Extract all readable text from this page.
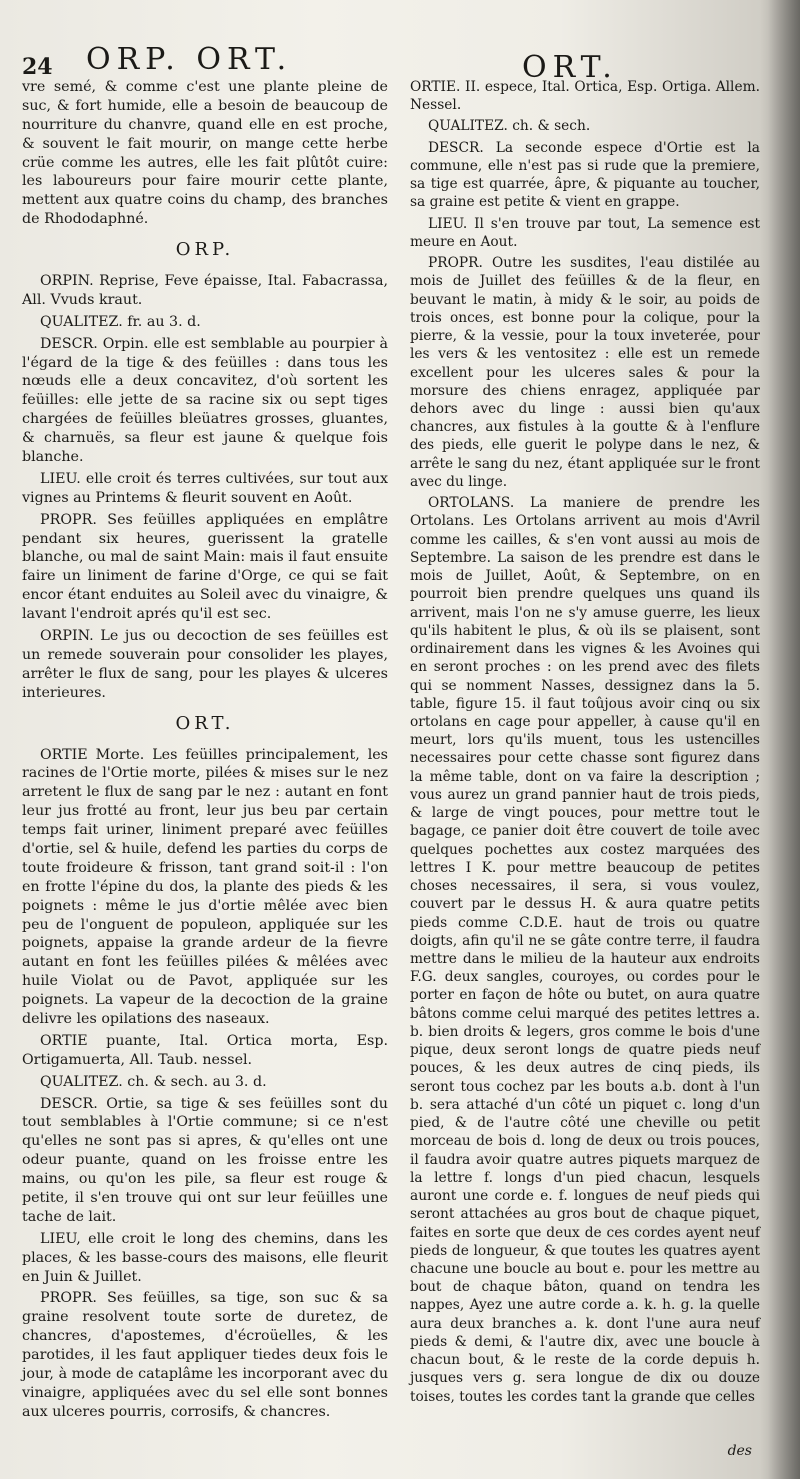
24 ORP. ORT.	ORT.

vre semé, & comme c'est une plante pleine de suc, & fort humide, elle a besoin de beaucoup de nourriture du chanvre, quand elle en est proche, & souvent le fait mourir, on mange cette herbe crüe comme les autres, elle les fait plûtôt cuire: les laboureurs pour faire mourir cette plante, mettent aux quatre coins du champ, des branches de Rhododaphné.

ORP.

ORPIN. Reprise, Feve épaisse, Ital. Fabacrassa, All. Vvuds kraut.

QUALITEZ. fr. au 3. d.

DESCR. Orpin. elle est semblable au pourpier à l'égard de la tige & des feüilles : dans tous les nœuds elle a deux concavitez, d'où sortent les feüilles: elle jette de sa racine six ou sept tiges chargées de feüilles bleüatres grosses, gluantes, & charnuës, sa fleur est jaune & quelque fois blanche.

LIEU. elle croit és terres cultivées, sur tout aux vignes au Printems & fleurit souvent en Août.

PROPR. Ses feüilles appliquées en emplâtre pendant six heures, guerissent la gratelle blanche, ou mal de saint Main: mais il faut ensuite faire un liniment de farine d'Orge, ce qui se fait encor étant enduites au Soleil avec du vinaigre, & lavant l'endroit aprés qu'il est sec.

ORPIN. Le jus ou decoction de ses feüilles est un remede souverain pour consolider les playes, arrêter le flux de sang, pour les playes & ulceres interieures.

ORT.

ORTIE Morte. Les feüilles principalement, les racines de l'Ortie morte, pilées & mises sur le nez arretent le flux de sang par le nez : autant en font leur jus frotté au front, leur jus beu par certain temps fait uriner, liniment preparé avec feüilles d'ortie, sel & huile, defend les parties du corps de toute froideure & frisson, tant grand soit-il : l'on en frotte l'épine du dos, la plante des pieds & les poignets : même le jus d'ortie mêlée avec bien peu de l'onguent de populeon, appliquée sur les poignets, appaise la grande ardeur de la fievre autant en font les feüilles pilées & mêlées avec huile Violat ou de Pavot, appliquée sur les poignets. La vapeur de la decoction de la graine delivre les opilations des naseaux.

ORTIE puante, Ital. Ortica morta, Esp. Ortigamuerta, All. Taub. nessel.

QUALITEZ. ch. & sech. au 3. d.

DESCR. Ortie, sa tige & ses feüilles sont du tout semblables à l'Ortie commune; si ce n'est qu'elles ne sont pas si apres, & qu'elles ont une odeur puante, quand on les froisse entre les mains, ou qu'on les pile, sa fleur est rouge & petite, il s'en trouve qui ont sur leur feüilles une tache de lait.

LIEU, elle croit le long des chemins, dans les places, & les basse-cours des maisons, elle fleurit en Juin & Juillet.

PROPR. Ses feüilles, sa tige, son suc & sa graine resolvent toute sorte de duretez, de chancres, d'apostemes, d'écroüelles, & les parotides, il les faut appliquer tiedes deux fois le jour, à mode de cataplâme les incorporant avec du vinaigre, appliquées avec du sel elle sont bonnes aux ulceres pourris, corrosifs, & chancres.

ORTIE. II. espece, Ital. Ortica, Esp. Ortiga. Allem. Nessel.

QUALITEZ. ch. & sech.

DESCR. La seconde espece d'Ortie est la commune, elle n'est pas si rude que la premiere, sa tige est quarrée, âpre, & piquante au toucher, sa graine est petite & vient en grappe.

LIEU. Il s'en trouve par tout, La semence est meure en Aout.

PROPR. Outre les susdites, l'eau distilée au mois de Juillet des feüilles & de la fleur, en beuvant le matin, à midy & le soir, au poids de trois onces, est bonne pour la colique, pour la pierre, & la vessie, pour la toux inveterée, pour les vers & les ventositez : elle est un remede excellent pour les ulceres sales & pour la morsure des chiens enragez, appliquée par dehors avec du linge : aussi bien qu'aux chancres, aux fistules à la goutte & à l'enflure des pieds, elle guerit le polype dans le nez, & arrête le sang du nez, étant appliquée sur le front avec du linge.

ORTOLANS. La maniere de prendre les Ortolans. Les Ortolans arrivent au mois d'Avril comme les cailles, & s'en vont aussi au mois de Septembre. La saison de les prendre est dans le mois de Juillet, Août, & Septembre, on en pourroit bien prendre quelques uns quand ils arrivent, mais l'on ne s'y amuse guerre, les lieux qu'ils habitent le plus, & où ils se plaisent, sont ordinairement dans les vignes & les Avoines qui en seront proches : on les prend avec des filets qui se nomment Nasses, dessignez dans la 5. table, figure 15. il faut toûjous avoir cinq ou six ortolans en cage pour appeller, à cause qu'il en meurt, lors qu'ils muent, tous les ustencilles necessaires pour cette chasse sont figurez dans la même table, dont on va faire la description ; vous aurez un grand pannier haut de trois pieds, & large de vingt pouces, pour mettre tout le bagage, ce panier doit être couvert de toile avec quelques pochettes aux costez marquées des lettres I K. pour mettre beaucoup de petites choses necessaires, il sera, si vous voulez, couvert par le dessus H. & aura quatre petits pieds comme C.D.E. haut de trois ou quatre doigts, afin qu'il ne se gâte contre terre, il faudra mettre dans le milieu de la hauteur aux endroits F.G. deux sangles, couroyes, ou cordes pour le porter en façon de hôte ou butet, on aura quatre bâtons comme celui marqué des petites lettres a. b. bien droits & legers, gros comme le bois d'une pique, deux seront longs de quatre pieds neuf pouces, & les deux autres de cinq pieds, ils seront tous cochez par les bouts a.b. dont à l'un b. sera attaché d'un côté un piquet c. long d'un pied, & de l'autre côté une cheville ou petit morceau de bois d. long de deux ou trois pouces, il faudra avoir quatre autres piquets marquez de la lettre f. longs d'un pied chacun, lesquels auront une corde e. f. longues de neuf pieds qui seront attachées au gros bout de chaque piquet, faites en sorte que deux de ces cordes ayent neuf pieds de longueur, & que toutes les quatres ayent chacune une boucle au bout e. pour les mettre au bout de chaque bâton, quand on tendra les nappes, Ayez une autre corde a. k. h. g. la quelle aura deux branches a. k. dont l'une aura neuf pieds & demi, & l'autre dix, avec une boucle à chacun bout, & le reste de la corde depuis h. jusques vers g. sera longue de dix ou douze toises, toutes les cordes tant la grande que celles

des
